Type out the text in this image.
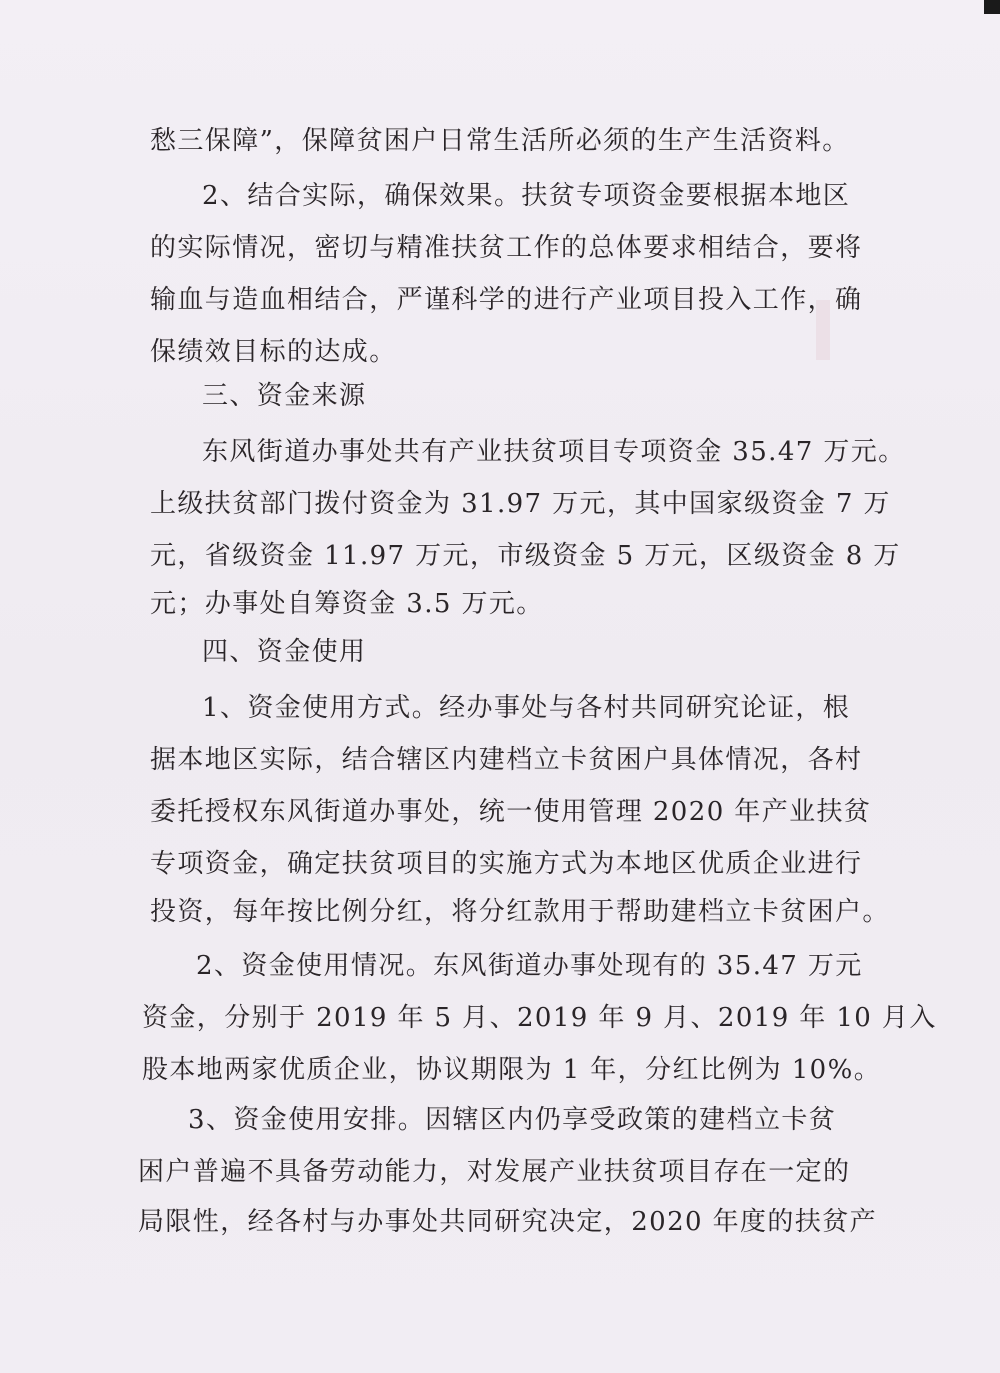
愁三保障”，保障贫困户日常生活所必须的生产生活资料。

2、结合实际，确保效果。扶贫专项资金要根据本地区

的实际情况，密切与精准扶贫工作的总体要求相结合，要将

输血与造血相结合，严谨科学的进行产业项目投入工作，确

保绩效目标的达成。

三、资金来源

东风街道办事处共有产业扶贫项目专项资金 35.47 万元。

上级扶贫部门拨付资金为 31.97 万元，其中国家级资金 7 万

元，省级资金 11.97 万元，市级资金 5 万元，区级资金 8 万

元；办事处自筹资金 3.5 万元。

四、资金使用

1、资金使用方式。经办事处与各村共同研究论证，根

据本地区实际，结合辖区内建档立卡贫困户具体情况，各村

委托授权东风街道办事处，统一使用管理 2020 年产业扶贫

专项资金，确定扶贫项目的实施方式为本地区优质企业进行

投资，每年按比例分红，将分红款用于帮助建档立卡贫困户。

2、资金使用情况。东风街道办事处现有的 35.47 万元

资金，分别于 2019 年 5 月、2019 年 9 月、2019 年 10 月入

股本地两家优质企业，协议期限为 1 年，分红比例为 10%。

3、资金使用安排。因辖区内仍享受政策的建档立卡贫

困户普遍不具备劳动能力，对发展产业扶贫项目存在一定的

局限性，经各村与办事处共同研究决定，2020 年度的扶贫产
